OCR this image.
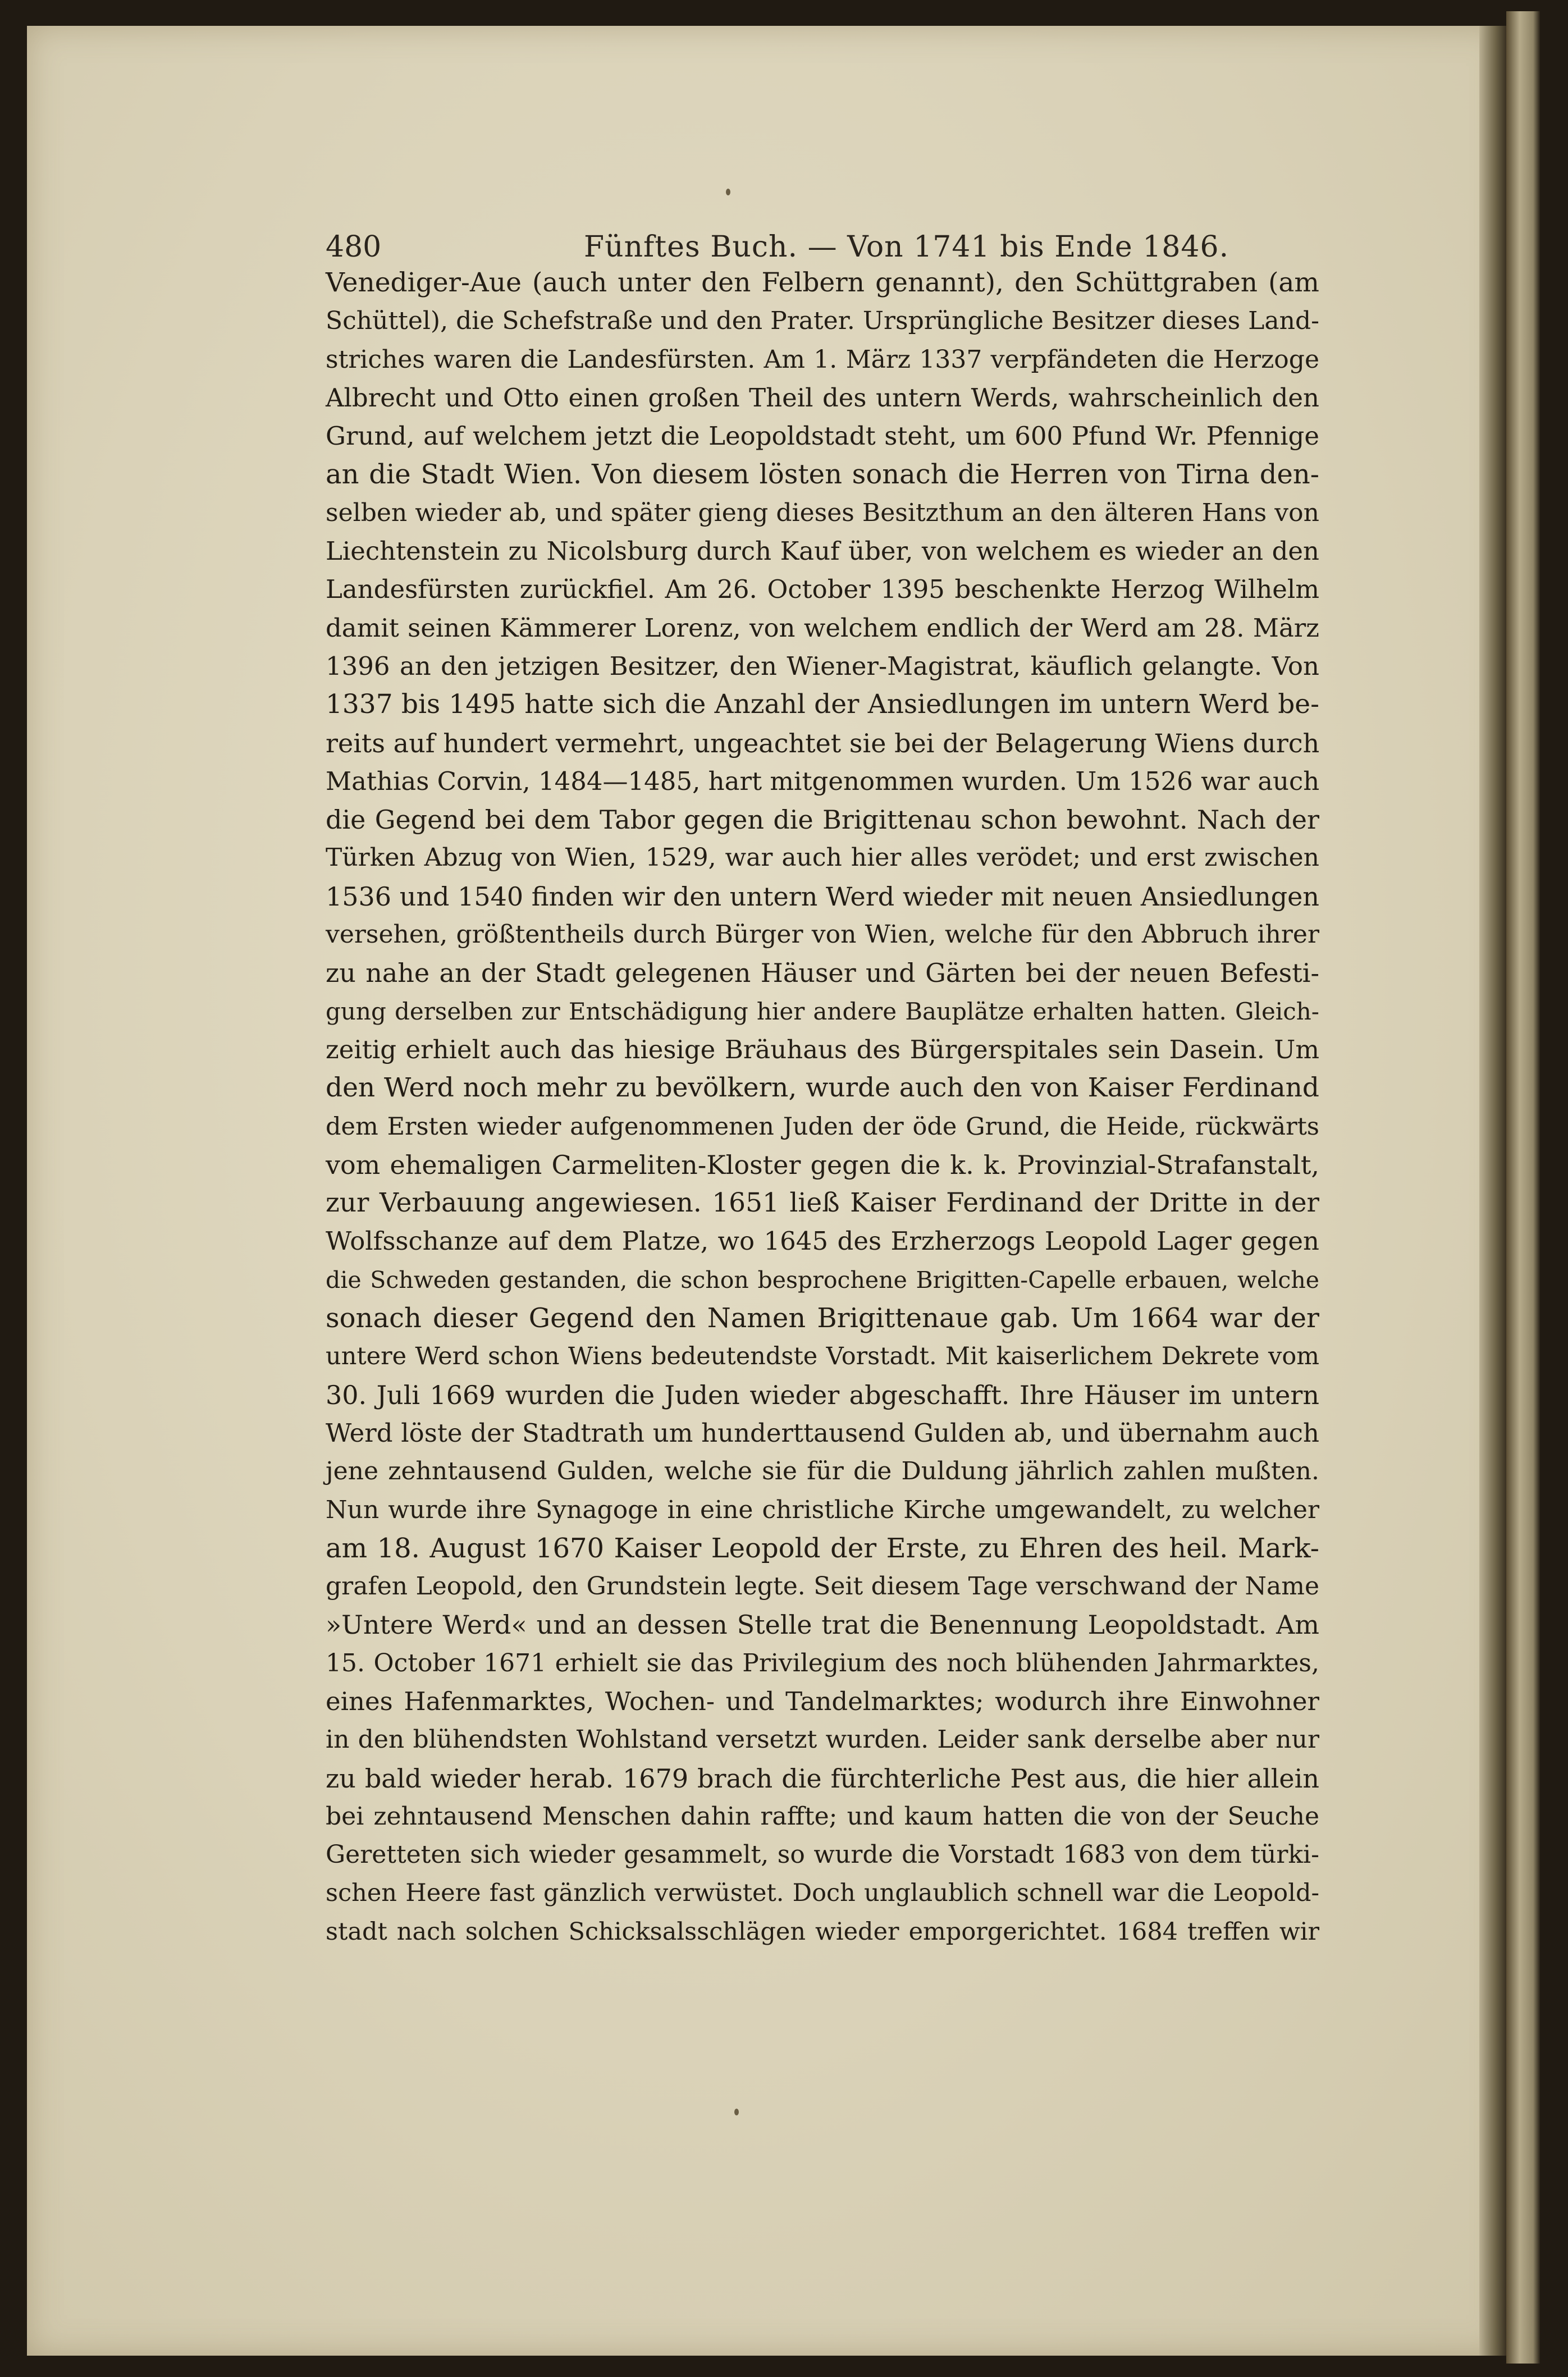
480	Fünftes Buch. — Von 1741 bis Ende 1846.
Venediger-Aue (auch unter den Felbern genannt), den Schüttgraben (am
Schüttel), die Schefstraße und den Prater. Ursprüngliche Besitzer dieses Land-
striches waren die Landesfürsten. Am 1. März 1337 verpfändeten die Herzoge
Albrecht und Otto einen großen Theil des untern Werds, wahrscheinlich den
Grund, auf welchem jetzt die Leopoldstadt steht, um 600 Pfund Wr. Pfennige
an die Stadt Wien. Von diesem lösten sonach die Herren von Tirna den-
selben wieder ab, und später gieng dieses Besitzthum an den älteren Hans von
Liechtenstein zu Nicolsburg durch Kauf über, von welchem es wieder an den
Landesfürsten zurückfiel. Am 26. October 1395 beschenkte Herzog Wilhelm
damit seinen Kämmerer Lorenz, von welchem endlich der Werd am 28. März
1396 an den jetzigen Besitzer, den Wiener-Magistrat, käuflich gelangte. Von
1337 bis 1495 hatte sich die Anzahl der Ansiedlungen im untern Werd be-
reits auf hundert vermehrt, ungeachtet sie bei der Belagerung Wiens durch
Mathias Corvin, 1484—1485, hart mitgenommen wurden. Um 1526 war auch
die Gegend bei dem Tabor gegen die Brigittenau schon bewohnt. Nach der
Türken Abzug von Wien, 1529, war auch hier alles verödet; und erst zwischen
1536 und 1540 finden wir den untern Werd wieder mit neuen Ansiedlungen
versehen, größtentheils durch Bürger von Wien, welche für den Abbruch ihrer
zu nahe an der Stadt gelegenen Häuser und Gärten bei der neuen Befesti-
gung derselben zur Entschädigung hier andere Bauplätze erhalten hatten. Gleich-
zeitig erhielt auch das hiesige Bräuhaus des Bürgerspitales sein Dasein. Um
den Werd noch mehr zu bevölkern, wurde auch den von Kaiser Ferdinand
dem Ersten wieder aufgenommenen Juden der öde Grund, die Heide, rückwärts
vom ehemaligen Carmeliten-Kloster gegen die k. k. Provinzial-Strafanstalt,
zur Verbauung angewiesen. 1651 ließ Kaiser Ferdinand der Dritte in der
Wolfsschanze auf dem Platze, wo 1645 des Erzherzogs Leopold Lager gegen
die Schweden gestanden, die schon besprochene Brigitten-Capelle erbauen, welche
sonach dieser Gegend den Namen Brigittenaue gab. Um 1664 war der
untere Werd schon Wiens bedeutendste Vorstadt. Mit kaiserlichem Dekrete vom
30. Juli 1669 wurden die Juden wieder abgeschafft. Ihre Häuser im untern
Werd löste der Stadtrath um hunderttausend Gulden ab, und übernahm auch
jene zehntausend Gulden, welche sie für die Duldung jährlich zahlen mußten.
Nun wurde ihre Synagoge in eine christliche Kirche umgewandelt, zu welcher
am 18. August 1670 Kaiser Leopold der Erste, zu Ehren des heil. Mark-
grafen Leopold, den Grundstein legte. Seit diesem Tage verschwand der Name
»Untere Werd« und an dessen Stelle trat die Benennung Leopoldstadt. Am
15. October 1671 erhielt sie das Privilegium des noch blühenden Jahrmarktes,
eines Hafenmarktes, Wochen- und Tandelmarktes; wodurch ihre Einwohner
in den blühendsten Wohlstand versetzt wurden. Leider sank derselbe aber nur
zu bald wieder herab. 1679 brach die fürchterliche Pest aus, die hier allein
bei zehntausend Menschen dahin raffte; und kaum hatten die von der Seuche
Geretteten sich wieder gesammelt, so wurde die Vorstadt 1683 von dem türki-
schen Heere fast gänzlich verwüstet. Doch unglaublich schnell war die Leopold-
stadt nach solchen Schicksalsschlägen wieder emporgerichtet. 1684 treffen wir
